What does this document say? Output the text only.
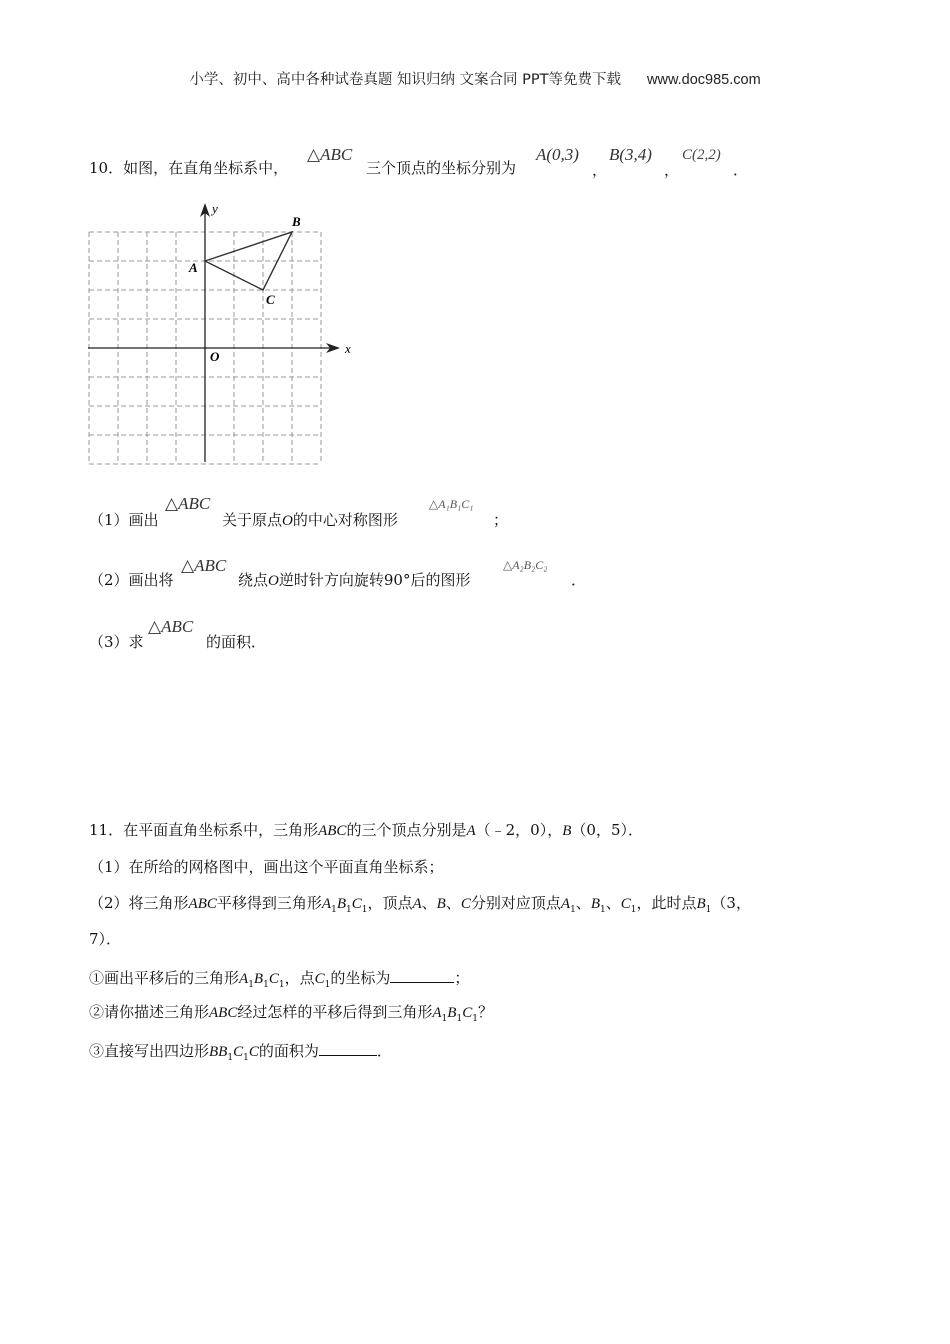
小学、初中、高中各种试卷真题 知识归纳 文案合同 PPT等免费下载 www.doc985.com
10．如图，在直角坐标系中，
△ABC
三个顶点的坐标分别为
A(0,3)
，
B(3,4)
，
C(2,2)
．
y
x
O
A
B
C
（1）画出
△ABC
关于原点O的中心对称图形
△A₁B₁C₁
；
（2）画出将
△ABC
绕点O逆时针方向旋转90°后的图形
△A₂B₂C₂
．
（3）求
△ABC
的面积．
11．在平面直角坐标系中，三角形ABC的三个顶点分别是A（﹣2，0），B（0，5）．
（1）在所给的网格图中，画出这个平面直角坐标系；
（2）将三角形ABC平移得到三角形$A_1B_1C_1$，顶点A、B、C分别对应顶点$A_1$、$B_1$、$C_1$，此时点$B_1(3$，
7）．
①画出平移后的三角形$A_1B_1C_1$，点$C_1$的坐标为	；
②请你描述三角形ABC经过怎样的平移后得到三角形$A_1B_1C_1$？
③直接写出四边形$BB_1C_1C$的面积为	．
